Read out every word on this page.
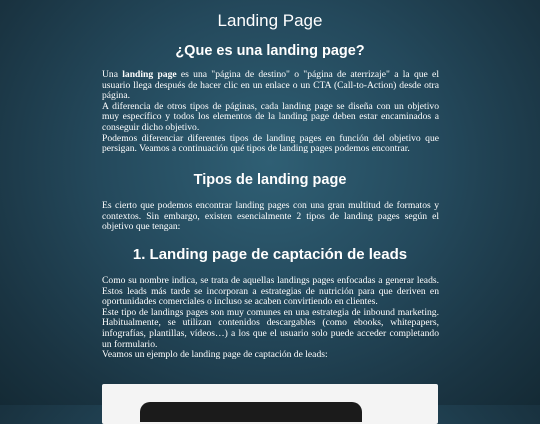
Landing Page
¿Que es una landing page?
Una landing page es una "página de destino" o "página de aterrizaje" a la que el usuario llega después de hacer clic en un enlace o un CTA (Call-to-Action) desde otra página.
A diferencia de otros tipos de páginas, cada landing page se diseña con un objetivo muy específico y todos los elementos de la landing page deben estar encaminados a conseguir dicho objetivo.
Podemos diferenciar diferentes tipos de landing pages en función del objetivo que persigan. Veamos a continuación qué tipos de landing pages podemos encontrar.
Tipos de landing page
Es cierto que podemos encontrar landing pages con una gran multitud de formatos y contextos. Sin embargo, existen esencialmente 2 tipos de landing pages según el objetivo que tengan:
1. Landing page de captación de leads
Como su nombre indica, se trata de aquellas landings pages enfocadas a generar leads. Estos leads más tarde se incorporan a estrategias de nutrición para que deriven en oportunidades comerciales o incluso se acaben convirtiendo en clientes.
Este tipo de landings pages son muy comunes en una estrategia de inbound marketing. Habitualmente, se utilizan contenidos descargables (como ebooks, whitepapers, infografías, plantillas, vídeos…) a los que el usuario solo puede acceder completando un formulario.
Veamos un ejemplo de landing page de captación de leads:
